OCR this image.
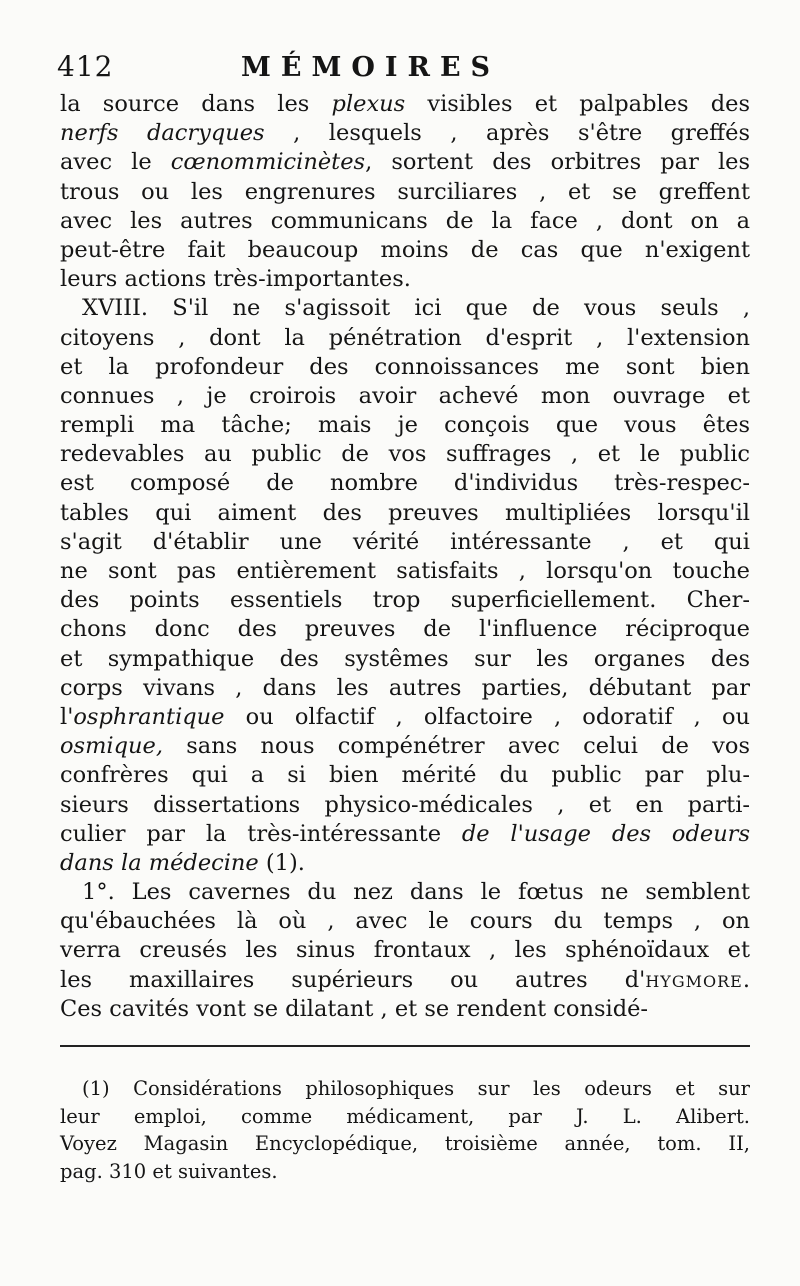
412	MÉMOIRES
la source dans les plexus visibles et palpables des
nerfs dacryques , lesquels , après s'être greffés
avec le cœnommicinètes, sortent des orbitres par les
trous ou les engrenures surciliares , et se greffent
avec les autres communicans de la face , dont on a
peut-être fait beaucoup moins de cas que n'exigent
leurs actions très-importantes.
XVIII. S'il ne s'agissoit ici que de vous seuls ,
citoyens , dont la pénétration d'esprit , l'extension
et la profondeur des connoissances me sont bien
connues , je croirois avoir achevé mon ouvrage et
rempli ma tâche; mais je conçois que vous êtes
redevables au public de vos suffrages , et le public
est composé de nombre d'individus très-respec-
tables qui aiment des preuves multipliées lorsqu'il
s'agit d'établir une vérité intéressante , et qui
ne sont pas entièrement satisfaits , lorsqu'on touche
des points essentiels trop superficiellement. Cher-
chons donc des preuves de l'influence réciproque
et sympathique des systêmes sur les organes des
corps vivans , dans les autres parties, débutant par
l'osphrantique ou olfactif , olfactoire , odoratif , ou
osmique, sans nous compénétrer avec celui de vos
confrères qui a si bien mérité du public par plu-
sieurs dissertations physico-médicales , et en parti-
culier par la très-intéressante de l'usage des odeurs
dans la médecine (1).
1°. Les cavernes du nez dans le fœtus ne semblent
qu'ébauchées là où , avec le cours du temps , on
verra creusés les sinus frontaux , les sphénoïdaux et
les maxillaires supérieurs ou autres d'hygmore.
Ces cavités vont se dilatant , et se rendent considé-
(1) Considérations philosophiques sur les odeurs et sur
leur emploi, comme médicament, par J. L. Alibert.
Voyez Magasin Encyclopédique, troisième année, tom. II,
pag. 310 et suivantes.
